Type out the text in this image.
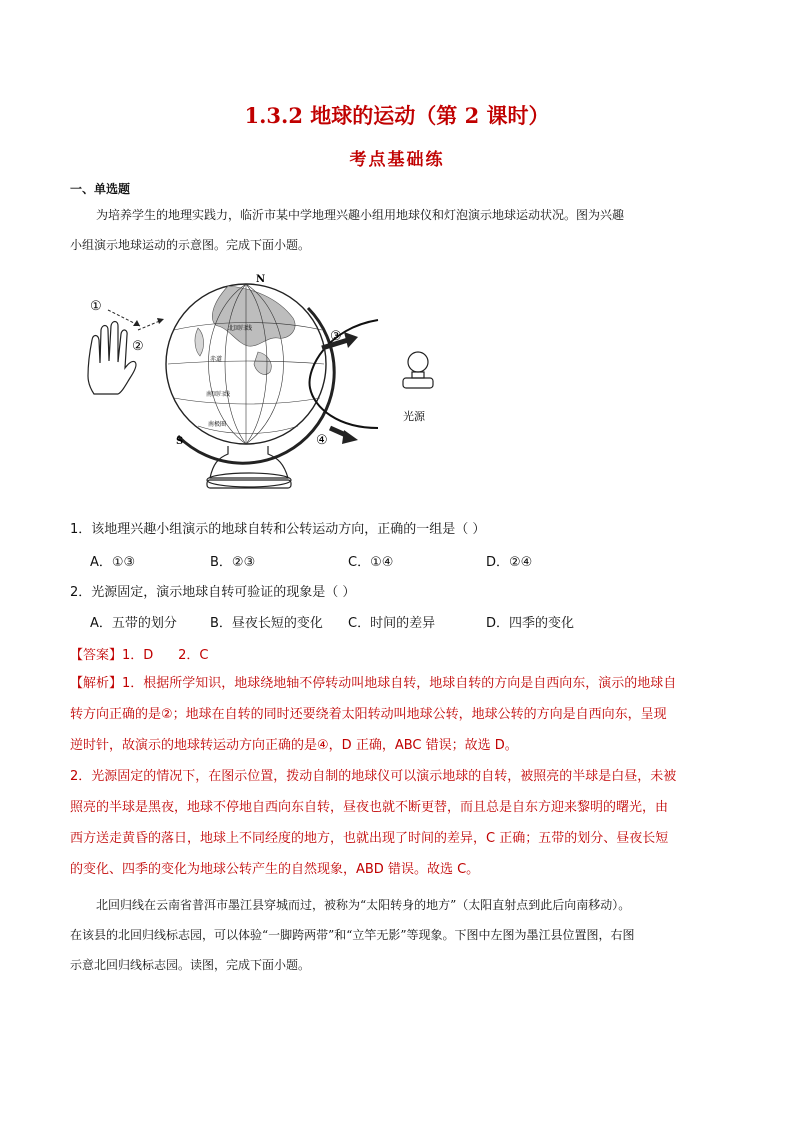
1.3.2 地球的运动（第 2 课时）
考点基础练
一、单选题
为培养学生的地理实践力，临沂市某中学地理兴趣小组用地球仪和灯泡演示地球运动状况。图为兴趣
小组演示地球运动的示意图。完成下面小题。
①
②
北回归线
赤道
南回归线
南极圈
N
S
③
④
光源
1．该地理兴趣小组演示的地球自转和公转运动方向，正确的一组是（ ）
A．①③	B．②③	C．①④	D．②④
2．光源固定，演示地球自转可验证的现象是（ ）
A．五带的划分	B．昼夜长短的变化 C．时间的差异	D．四季的变化
【答案】1．D      2．C
【解析】1．根据所学知识，地球绕地轴不停转动叫地球自转，地球自转的方向是自西向东，演示的地球自
转方向正确的是②；地球在自转的同时还要绕着太阳转动叫地球公转，地球公转的方向是自西向东，呈现
逆时针，故演示的地球转运动方向正确的是④，D 正确，ABC 错误；故选 D。
2．光源固定的情况下，在图示位置，拨动自制的地球仪可以演示地球的自转，被照亮的半球是白昼，未被
照亮的半球是黑夜，地球不停地自西向东自转，昼夜也就不断更替，而且总是自东方迎来黎明的曙光，由
西方送走黄昏的落日，地球上不同经度的地方，也就出现了时间的差异，C 正确；五带的划分、昼夜长短
的变化、四季的变化为地球公转产生的自然现象，ABD 错误。故选 C。
北回归线在云南省普洱市墨江县穿城而过，被称为“太阳转身的地方”（太阳直射点到此后向南移动）。
在该县的北回归线标志园，可以体验“一脚跨两带”和“立竿无影”等现象。下图中左图为墨江县位置图，右图
示意北回归线标志园。读图，完成下面小题。
